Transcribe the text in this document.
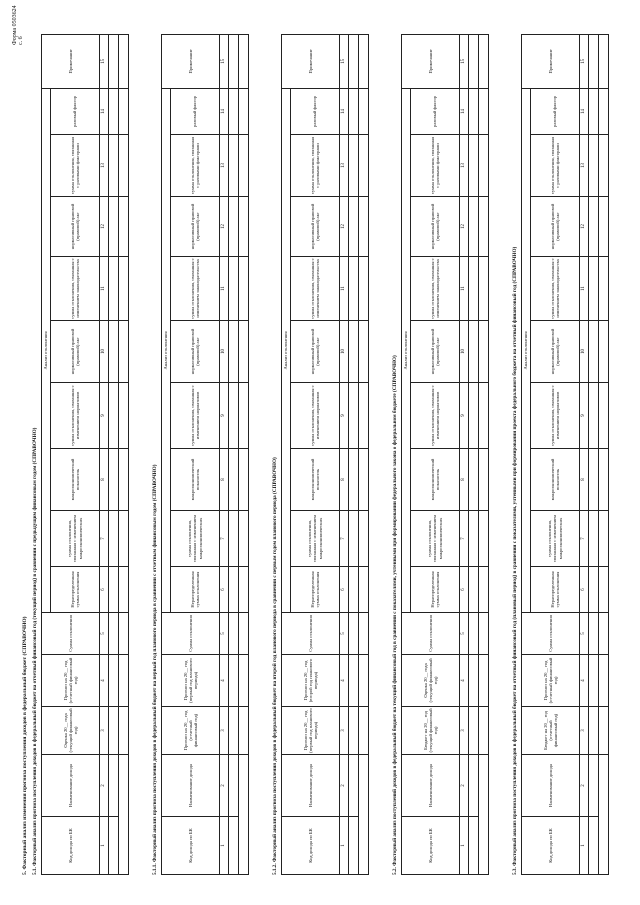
Форма 0503624 с. 6
5. Факторный анализ изменения прогноза поступления доходов в федеральный бюджет (СПРАВОЧНО) 5.1. Факторный анализ прогноза поступления доходов в федеральный бюджет на отчетный финансовый год (текущий период) в сравнении с предыдущим финансовым годом (СПРАВОЧНО)	Код дохода по БК	Наименование дохода	Оценка 20__ года (текущий финансовый год)	Прогноз на 20__ год (отчетный финансовый год)	Сумма отклонения	Анализ отклонения									Примечание
					Нераспределенная сумма отклонения	сумма отклонения, связанная с изменением макроэкономических	макроэкономический показатель	сумма отклонения, связанная с изменением нормативов	нормативный правовой (правовой) акт	сумма отклонения, связанная с изменением законодательства	нормативный правовой (правовой) акт	сумма отклонения, связанная с разовыми факторами	разовый фактор	
1	2	3	4	5	6	7	8	9	10	11	12	13	14	15

5.1.1. Факторный анализ прогноза поступления доходов в федеральный бюджет на первый год планового периода в сравнении с отчетным финансовым годом (СПРАВОЧНО)	Код дохода по БК	Наименование дохода	Прогноз на 20__ год (отчетный финансовый год)	Прогноз на 20__ год (первый год планового периода)	Сумма отклонения	Анализ отклонения									Примечание
					Нераспределенная сумма отклонения	сумма отклонения, связанная с изменением макроэкономических	макроэкономический показатель	сумма отклонения, связанная с изменением нормативов	нормативный правовой (правовой) акт	сумма отклонения, связанная с изменением законодательства	нормативный правовой (правовой) акт	сумма отклонения, связанная с разовыми факторами	разовый фактор	
1	2	3	4	5	6	7	8	9	10	11	12	13	14	15

5.1.2. Факторный анализ прогноза поступления доходов в федеральный бюджет на второй год планового периода в сравнении с первым годом планового периода (СПРАВОЧНО)	Код дохода по БК	Наименование дохода	Прогноз на 20__ год (первый год планового периода)	Прогноз на 20__ год (второй год планового периода)	Сумма отклонения	Анализ отклонения									Примечание
					Нераспределенная сумма отклонения	сумма отклонения, связанная с изменением макроэкономических	макроэкономический показатель	сумма отклонения, связанная с изменением нормативов	нормативный правовой (правовой) акт	сумма отклонения, связанная с изменением законодательства	нормативный правовой (правовой) акт	сумма отклонения, связанная с разовыми факторами	разовый фактор	
1	2	3	4	5	6	7	8	9	10	11	12	13	14	15

5.2. Факторный анализ поступлений доходов в федеральный бюджет на текущий финансовый год в сравнении с показателями, учтенными при формировании федерального закона о федеральном бюджете (СПРАВОЧНО)	Код дохода по БК	Наименование дохода	Бюджет на 20__ год (текущий финансовый год)	Оценка 20__ года (текущий финансовый год)	Сумма отклонения	Анализ отклонения									Примечание
					Нераспределенная сумма отклонения	сумма отклонения, связанная с изменением макроэкономических	макроэкономический показатель	сумма отклонения, связанная с изменением нормативов	нормативный правовой (правовой) акт	сумма отклонения, связанная с изменением законодательства	нормативный правовой (правовой) акт	сумма отклонения, связанная с разовыми факторами	разовый фактор	
1	2	3	4	5	6	7	8	9	10	11	12	13	14	15

5.3. Факторный анализ прогноза поступления доходов в федеральный бюджет на отчетный финансовый год (плановый период) в сравнении с показателями, учтенными при формировании проекта федерального бюджета на отчетный финансовый год (СПРАВОЧНО)	Код дохода по БК	Наименование дохода	Бюджет на 20__ год (отчетный финансовый год)	Прогноз на 20__ год (отчетный финансовый год)	Сумма отклонения	Анализ отклонения									Примечание
					Нераспределенная сумма отклонения	сумма отклонения, связанная с изменением макроэкономических	макроэкономический показатель	сумма отклонения, связанная с изменением нормативов	нормативный правовой (правовой) акт	сумма отклонения, связанная с изменением законодательства	нормативный правовой (правовой) акт	сумма отклонения, связанная с разовыми факторами	разовый фактор	
1	2	3	4	5	6	7	8	9	10	11	12	13	14	15
